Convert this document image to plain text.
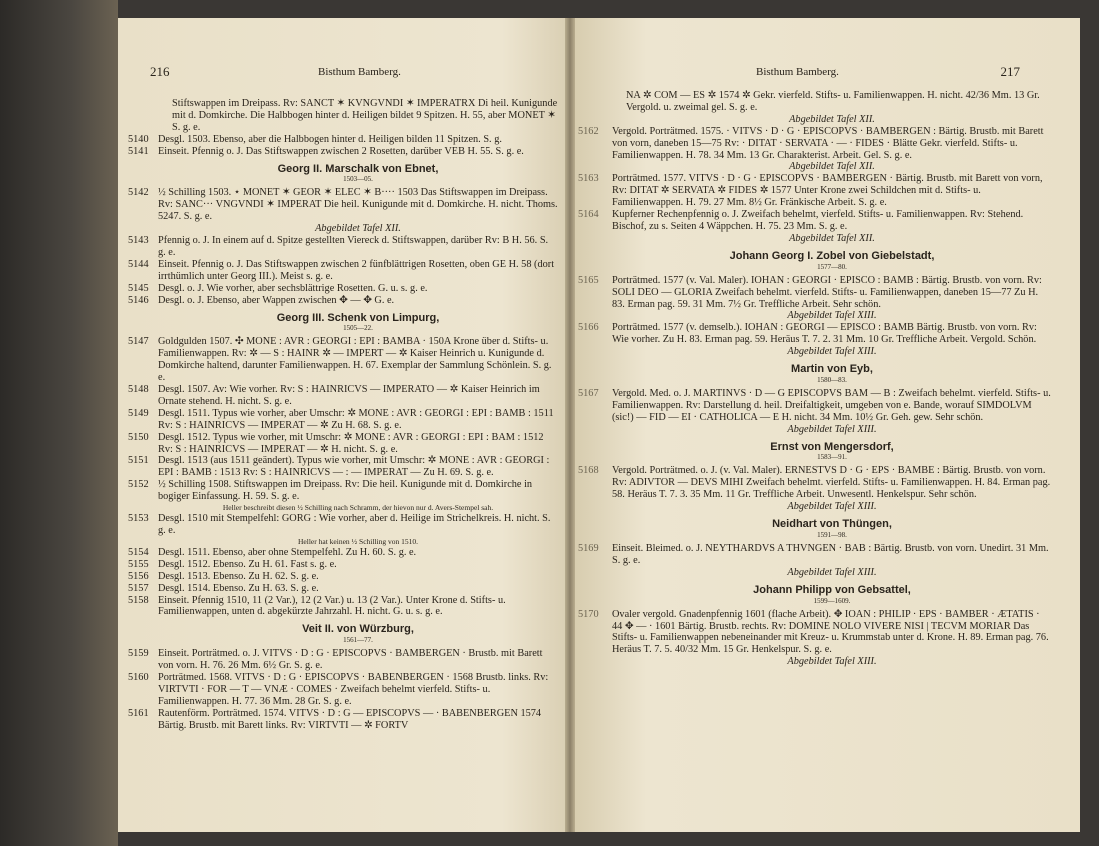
216	Bisthum Bamberg.
Stiftswappen im Dreipass. Rv: SANCT ✶ KVNGVNDI ✶ IMPERATRX Di heil. Kunigunde mit d. Domkirche. Die Halbbogen hinter d. Heiligen bildet 9 Spitzen. H. 55, aber MONET ✶ S. g. e.
5140 Desgl. 1503. Ebenso, aber die Halbbogen hinter d. Heiligen bilden 11 Spitzen. S. g.
5141 Einseit. Pfennig o. J. Das Stiftswappen zwischen 2 Rosetten, darüber VEB H. 55. S. g. e.
Georg II. Marschalk von Ebnet,
1503—05.
5142 ½ Schilling 1503. ⋆ MONET ✶ GEOR ✶ ELEC ✶ B···· 1503 Das Stiftswappen im Dreipass. Rv: SANC··· VNGVNDI ✶ IMPERAT Die heil. Kunigunde mit d. Domkirche. H. nicht. Thoms. 5247. S. g. e.
Abgebildet Tafel XII.
5143 Pfennig o. J. In einem auf d. Spitze gestellten Viereck d. Stiftswappen, darüber Rv: B H. 56. S. g. e.
5144 Einseit. Pfennig o. J. Das Stiftswappen zwischen 2 fünfblättrigen Rosetten, oben GE H. 58 (dort irrthümlich unter Georg III.). Meist s. g. e.
5145 Desgl. o. J. Wie vorher, aber sechsblättrige Rosetten. G. u. s. g. e.
5146 Desgl. o. J. Ebenso, aber Wappen zwischen ✥ — ✥ G. e.
Georg III. Schenk von Limpurg,
1505—22.
5147 Goldgulden 1507. ✣ MONE : AVR : GEORGI : EPI : BAMBA · 150A Krone über d. Stifts- u. Familienwappen. Rv: ✲ — S : HAINR ✲ — IMPERT — ✲ Kaiser Heinrich u. Kunigunde d. Domkirche haltend, darunter Familienwappen. H. 67. Exemplar der Sammlung Schönlein. S. g. e.
5148 Desgl. 1507. Av: Wie vorher. Rv: S : HAINRICVS — IMPERATO — ✲ Kaiser Heinrich im Ornate stehend. H. nicht. S. g. e.
5149 Desgl. 1511. Typus wie vorher, aber Umschr: ✲ MONE : AVR : GEORGI : EPI : BAMB : 1511 Rv: S : HAINRICVS — IMPERAT — ✲ Zu H. 68. S. g. e.
5150 Desgl. 1512. Typus wie vorher, mit Umschr: ✲ MONE : AVR : GEORGI : EPI : BAM : 1512 Rv: S : HAINRICVS — IMPERAT — ✲ H. nicht. S. g. e.
5151 Desgl. 1513 (aus 1511 geändert). Typus wie vorher, mit Umschr: ✲ MONE : AVR : GEORGI : EPI : BAMB : 1513 Rv: S : HAINRICVS — : — IMPERAT — Zu H. 69. S. g. e.
5152 ½ Schilling 1508. Stiftswappen im Dreipass. Rv: Die heil. Kunigunde mit d. Domkirche in bogiger Einfassung. H. 59. S. g. e.
Heller beschreibt diesen ½ Schilling nach Schramm, der hievon nur d. Avers-Stempel sah.
5153 Desgl. 1510 mit Stempelfehl: GORG : Wie vorher, aber d. Heilige im Strichelkreis. H. nicht. S. g. e.
Heller hat keinen ½ Schilling von 1510.
5154 Desgl. 1511. Ebenso, aber ohne Stempelfehl. Zu H. 60. S. g. e.
5155 Desgl. 1512. Ebenso. Zu H. 61. Fast s. g. e.
5156 Desgl. 1513. Ebenso. Zu H. 62. S. g. e.
5157 Desgl. 1514. Ebenso. Zu H. 63. S. g. e.
5158 Einseit. Pfennig 1510, 11 (2 Var.), 12 (2 Var.) u. 13 (2 Var.). Unter Krone d. Stifts- u. Familienwappen, unten d. abgekürzte Jahrzahl. H. nicht. G. u. s. g. e.
Veit II. von Würzburg,
1561—77.
5159 Einseit. Porträtmed. o. J. VITVS · D : G · EPISCOPVS · BAMBERGEN · Brustb. mit Barett von vorn. H. 76. 26 Mm. 6½ Gr. S. g. e.
5160 Porträtmed. 1568. VITVS · D : G · EPISCOPVS · BABENBERGEN · 1568 Brustb. links. Rv: VIRTVTI · FOR — T — VNÆ · COMES · Zweifach behelmt vierfeld. Stifts- u. Familienwappen. H. 77. 36 Mm. 28 Gr. S. g. e.
5161 Rautenförm. Porträtmed. 1574. VITVS · D : G — EPISCOPVS — · BABENBERGEN 1574 Bärtig. Brustb. mit Barett links. Rv: VIRTVTI — ✲ FORTV
Bisthum Bamberg.	217
NA ✲ COM — ES ✲ 1574 ✲ Gekr. vierfeld. Stifts- u. Familienwappen. H. nicht. 42/36 Mm. 13 Gr. Vergold. u. zweimal gel. S. g. e.
Abgebildet Tafel XII.
5162 Vergold. Porträtmed. 1575. · VITVS · D · G · EPISCOPVS · BAMBERGEN : Bärtig. Brustb. mit Barett von vorn, daneben 15—75 Rv: · DITAT · SERVATA · — · FIDES · Blätte Gekr. vierfeld. Stifts- u. Familienwappen. H. 78. 34 Mm. 13 Gr. Charakterist. Arbeit. Gel. S. g. e.
Abgebildet Tafel XII.
5163 Porträtmed. 1577. VITVS · D · G · EPISCOPVS · BAMBERGEN · Bärtig. Brustb. mit Barett von vorn, Rv: DITAT ✲ SERVATA ✲ FIDES ✲ 1577 Unter Krone zwei Schildchen mit d. Stifts- u. Familienwappen. H. 79. 27 Mm. 8½ Gr. Fränkische Arbeit. S. g. e.
5164 Kupferner Rechenpfennig o. J. Zweifach behelmt, vierfeld. Stifts- u. Familienwappen. Rv: Stehend. Bischof, zu s. Seiten 4 Wäppchen. H. 75. 23 Mm. S. g. e.
Abgebildet Tafel XII.
Johann Georg I. Zobel von Giebelstadt,
1577—80.
5165 Porträtmed. 1577 (v. Val. Maler). IOHAN : GEORGI · EPISCO : BAMB : Bärtig. Brustb. von vorn. Rv: SOLI DEO — GLORIA Zweifach behelmt. vierfeld. Stifts- u. Familienwappen, daneben 15—77 Zu H. 83. Erman pag. 59. 31 Mm. 7½ Gr. Treffliche Arbeit. Sehr schön.
Abgebildet Tafel XIII.
5166 Porträtmed. 1577 (v. demselb.). IOHAN : GEORGI — EPISCO : BAMB Bärtig. Brustb. von vorn. Rv: Wie vorher. Zu H. 83. Erman pag. 59. Heräus T. 7. 2. 31 Mm. 10 Gr. Treffliche Arbeit. Vergold. Schön.
Abgebildet Tafel XIII.
Martin von Eyb,
1580—83.
5167 Vergold. Med. o. J. MARTINVS · D — G EPISCOPVS BAM — B : Zweifach behelmt. vierfeld. Stifts- u. Familienwappen. Rv: Darstellung d. heil. Dreifaltigkeit, umgeben von e. Bande, worauf SIMDOLVM (sic!) — FID — EI · CATHOLICA — E H. nicht. 34 Mm. 10½ Gr. Geh. gew. Sehr schön.
Abgebildet Tafel XIII.
Ernst von Mengersdorf,
1583—91.
5168 Vergold. Porträtmed. o. J. (v. Val. Maler). ERNESTVS D · G · EPS · BAMBE : Bärtig. Brustb. von vorn. Rv: ADIVTOR — DEVS MIHI Zweifach behelmt. vierfeld. Stifts- u. Familienwappen. H. 84. Erman pag. 58. Heräus T. 7. 3. 35 Mm. 11 Gr. Treffliche Arbeit. Unwesentl. Henkelspur. Sehr schön.
Abgebildet Tafel XIII.
Neidhart von Thüngen,
1591—98.
5169 Einseit. Bleimed. o. J. NEYTHARDVS A THVNGEN · BAB : Bärtig. Brustb. von vorn. Unedirt. 31 Mm. S. g. e.
Abgebildet Tafel XIII.
Johann Philipp von Gebsattel,
1599—1609.
5170 Ovaler vergold. Gnadenpfennig 1601 (flache Arbeit). ✥ IOAN : PHILIP · EPS · BAMBER · ÆTATIS · 44 ✥ — · 1601 Bärtig. Brustb. rechts. Rv: DOMINE NOLO VIVERE NISI | TECVM MORIAR Das Stifts- u. Familienwappen nebeneinander mit Kreuz- u. Krummstab unter d. Krone. H. 89. Erman pag. 76. Heräus T. 7. 5. 40/32 Mm. 15 Gr. Henkelspur. S. g. e.
Abgebildet Tafel XIII.
